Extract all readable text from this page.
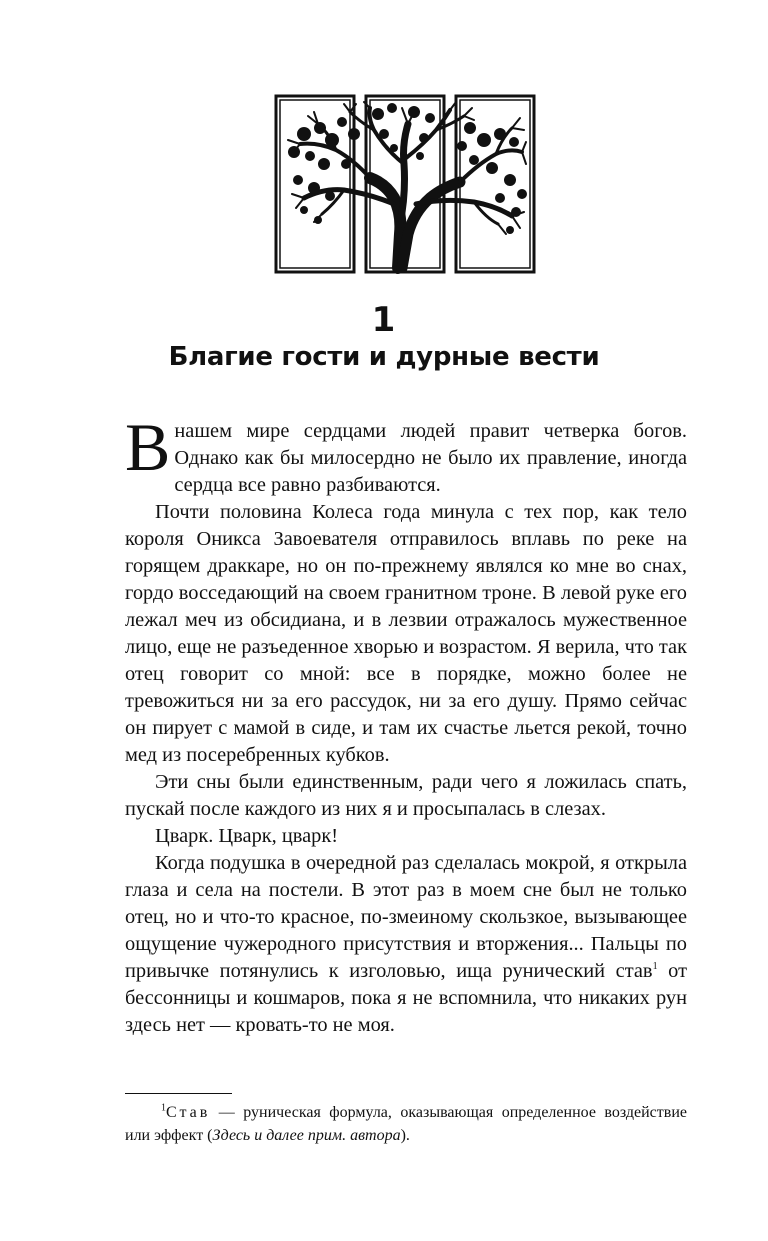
1
Благие гости и дурные вести

В нашем мире сердцами людей правит четверка богов. Однако как бы милосердно не было их правление, иногда сердца все равно разбиваются.

Почти половина Колеса года минула с тех пор, как тело короля Оникса Завоевателя отправилось вплавь по реке на горящем драккаре, но он по-прежнему являлся ко мне во снах, гордо восседающий на своем гранитном троне. В левой руке его лежал меч из обсидиана, и в лезвии отражалось мужественное лицо, еще не разъеденное хворью и возрастом. Я верила, что так отец говорит со мной: все в порядке, можно более не тревожиться ни за его рассудок, ни за его душу. Прямо сейчас он пирует с мамой в сиде, и там их счастье льется рекой, точно мед из посеребренных кубков.

Эти сны были единственным, ради чего я ложилась спать, пускай после каждого из них я и просыпалась в слезах.

Цварк. Цварк, цварк!

Когда подушка в очередной раз сделалась мокрой, я открыла глаза и села на постели. В этот раз в моем сне был не только отец, но и что-то красное, по-змеиному скользкое, вызывающее ощущение чужеродного присутствия и вторжения... Пальцы по привычке потянулись к изголовью, ища рунический став$^1$ от бессонницы и кошмаров, пока я не вспомнила, что никаких рун здесь нет — кровать-то не моя.

$^1$Став — руническая формула, оказывающая определенное воздействие или эффект (Здесь и далее прим. автора).
